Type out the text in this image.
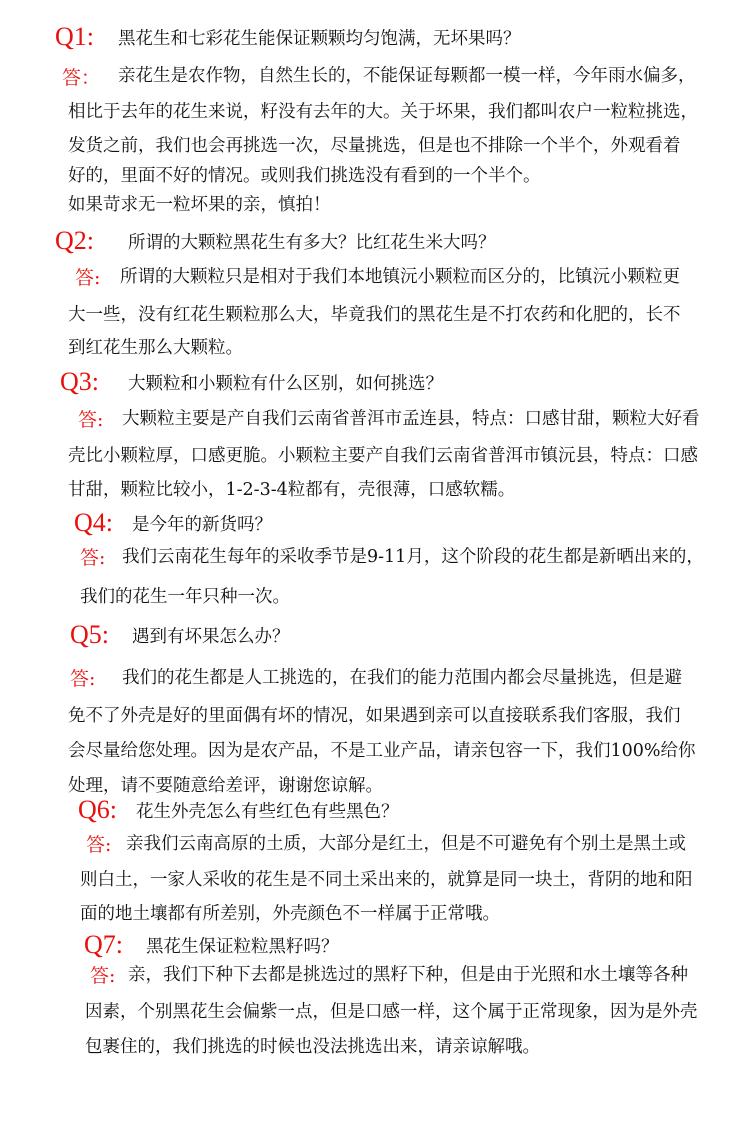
Q1: 黑花生和七彩花生能保证颗颗均匀饱满，无坏果吗？
答： 亲花生是农作物，自然生长的，不能保证每颗都一模一样，今年雨水偏多，
相比于去年的花生来说，籽没有去年的大。关于坏果，我们都叫农户一粒粒挑选，
发货之前，我们也会再挑选一次，尽量挑选，但是也不排除一个半个，外观看着
好的，里面不好的情况。或则我们挑选没有看到的一个半个。
如果苛求无一粒坏果的亲，慎拍！
Q2: 所谓的大颗粒黑花生有多大？比红花生米大吗？
答: 所谓的大颗粒只是相对于我们本地镇沅小颗粒而区分的，比镇沅小颗粒更
大一些，没有红花生颗粒那么大，毕竟我们的黑花生是不打农药和化肥的，长不
到红花生那么大颗粒。
Q3: 大颗粒和小颗粒有什么区别，如何挑选？
答: 大颗粒主要是产自我们云南省普洱市孟连县，特点：口感甘甜，颗粒大好看
壳比小颗粒厚，口感更脆。小颗粒主要产自我们云南省普洱市镇沅县，特点：口感
甘甜，颗粒比较小，1-2-3-4粒都有，壳很薄，口感软糯。
Q4: 是今年的新货吗？
答: 我们云南花生每年的采收季节是9-11月，这个阶段的花生都是新晒出来的，
我们的花生一年只种一次。
Q5: 遇到有坏果怎么办？
答: 我们的花生都是人工挑选的，在我们的能力范围内都会尽量挑选，但是避
免不了外壳是好的里面偶有坏的情况，如果遇到亲可以直接联系我们客服，我们
会尽量给您处理。因为是农产品，不是工业产品，请亲包容一下，我们100%给你
处理，请不要随意给差评，谢谢您谅解。
Q6: 花生外壳怎么有些红色有些黑色？
答: 亲我们云南高原的土质，大部分是红土，但是不可避免有个别土是黑土或
则白土，一家人采收的花生是不同土采出来的，就算是同一块土，背阴的地和阳
面的地土壤都有所差别，外壳颜色不一样属于正常哦。
Q7: 黑花生保证粒粒黑籽吗？
答: 亲，我们下种下去都是挑选过的黑籽下种，但是由于光照和水土壤等各种
因素，个别黑花生会偏紫一点，但是口感一样，这个属于正常现象，因为是外壳
包裹住的，我们挑选的时候也没法挑选出来，请亲谅解哦。
